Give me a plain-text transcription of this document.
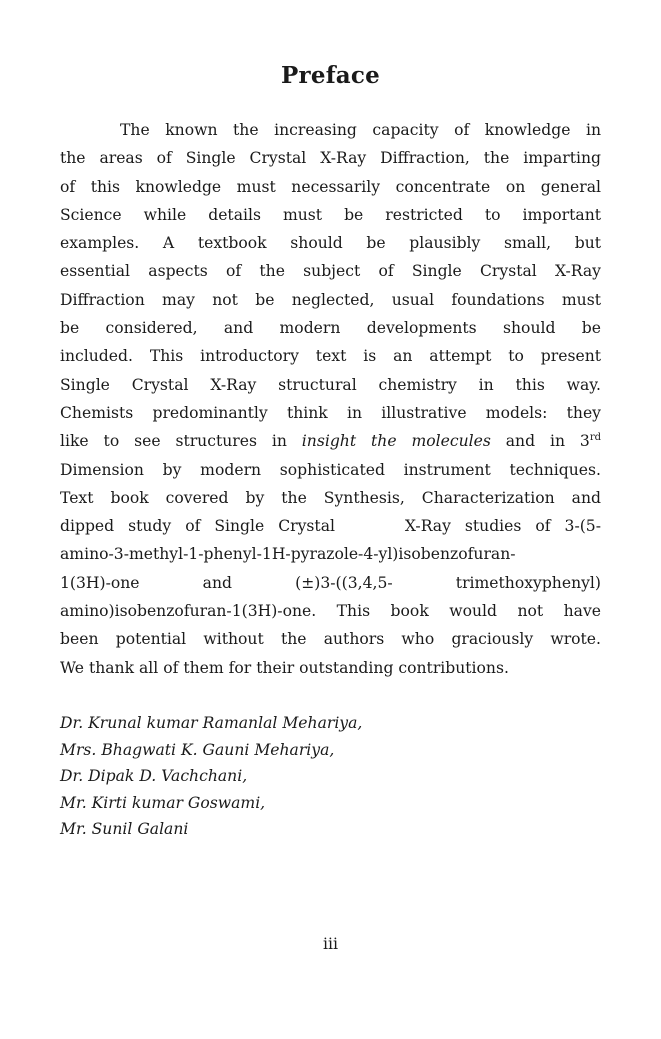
Preface
The known the increasing capacity of knowledge in
the areas of Single Crystal X-Ray Diffraction, the imparting
of this knowledge must necessarily concentrate on general
Science while details must be restricted to important
examples. A textbook should be plausibly small, but
essential aspects of the subject of Single Crystal X-Ray
Diffraction may not be neglected, usual foundations must
be considered, and modern developments should be
included. This introductory text is an attempt to present
Single Crystal X-Ray structural chemistry in this way.
Chemists predominantly think in illustrative models: they
like to see structures in insight the molecules and in 3rd
Dimension by modern sophisticated instrument techniques.
Text book covered by the Synthesis, Characterization and
dipped study of Single Crystal     X-Ray studies of 3-(5-
amino-3-methyl-1-phenyl-1H-pyrazole-4-yl)isobenzofuran-
1(3H)-one and (±)3-((3,4,5- trimethoxyphenyl)
amino)isobenzofuran-1(3H)-one. This book would not have
been potential without the authors who graciously wrote.
We thank all of them for their outstanding contributions.
Dr. Krunal kumar Ramanlal Mehariya,
Mrs. Bhagwati K. Gauni Mehariya,
Dr. Dipak D. Vachchani,
Mr. Kirti kumar Goswami,
Mr. Sunil Galani
iii
